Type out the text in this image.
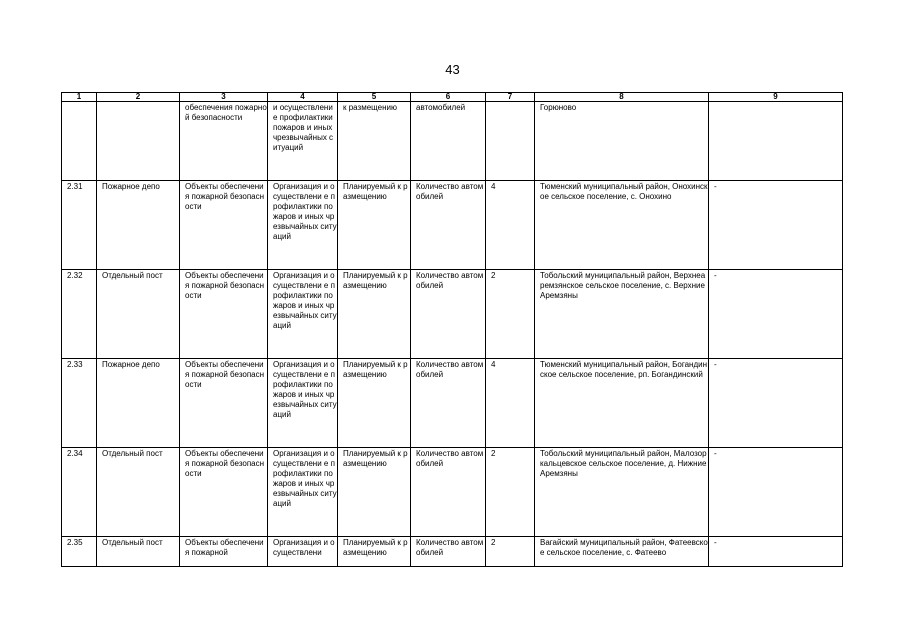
43
1	2	3	4	5	6	7	8	9
		обеспечения пожарной безопасности	и осуществлени е профилактики пожаров и иных чрезвычайных ситуаций	к размещению	автомобилей		Горюново	
2.31	Пожарное депо	Объекты обеспечения пожарной безопасности	Организация и осуществлени е профилактики пожаров и иных чрезвычайных ситуаций	Планируемый к размещению	Количество автомобилей	4	Тюменский муниципальный район, Онохинское сельское поселение, с. Онохино	-
2.32	Отдельный пост	Объекты обеспечения пожарной безопасности	Организация и осуществлени е профилактики пожаров и иных чрезвычайных ситуаций	Планируемый к размещению	Количество автомобилей	2	Тобольский муниципальный район, Верхнеаремзянское сельское поселение, с. Верхние Аремзяны	-
2.33	Пожарное депо	Объекты обеспечения пожарной безопасности	Организация и осуществлени е профилактики пожаров и иных чрезвычайных ситуаций	Планируемый к размещению	Количество автомобилей	4	Тюменский муниципальный район, Богандинское сельское поселение, рп. Богандинский	-
2.34	Отдельный пост	Объекты обеспечения пожарной безопасности	Организация и осуществлени е профилактики пожаров и иных чрезвычайных ситуаций	Планируемый к размещению	Количество автомобилей	2	Тобольский муниципальный район, Малозоркальцевское сельское поселение, д. Нижние Аремзяны	-
2.35	Отдельный пост	Объекты обеспечения пожарной	Организация и осуществлени	Планируемый к размещению	Количество автомобилей	2	Вагайский муниципальный район, Фатеевское сельское поселение, с. Фатеево	-
